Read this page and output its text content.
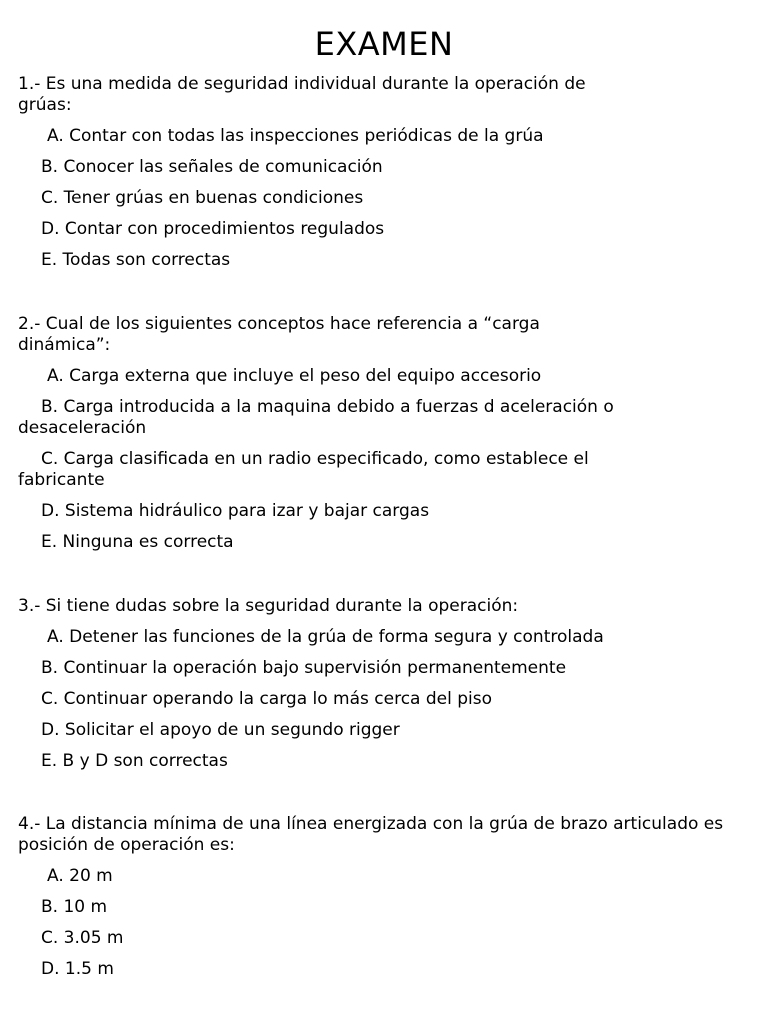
EXAMEN

1.- Es una medida de seguridad individual durante la operación de grúas:

A. Contar con todas las inspecciones periódicas de la grúa
B. Conocer las señales de comunicación
C. Tener grúas en buenas condiciones
D. Contar con procedimientos regulados
E. Todas son correctas

2.- Cual de los siguientes conceptos hace referencia a “carga dinámica”:

A. Carga externa que incluye el peso del equipo accesorio
B. Carga introducida a la maquina debido a fuerzas d aceleración o desaceleración
C. Carga clasificada en un radio especificado, como establece el fabricante
D. Sistema hidráulico para izar y bajar cargas
E. Ninguna es correcta

3.- Si tiene dudas sobre la seguridad durante la operación:

A. Detener las funciones de la grúa de forma segura y controlada
B. Continuar la operación bajo supervisión permanentemente
C. Continuar operando la carga lo más cerca del piso
D. Solicitar el apoyo de un segundo rigger
E. B y D son correctas

4.- La distancia mínima de una línea energizada con la grúa de brazo articulado es posición de operación es:

A. 20 m
B. 10 m
C. 3.05 m
D. 1.5 m
